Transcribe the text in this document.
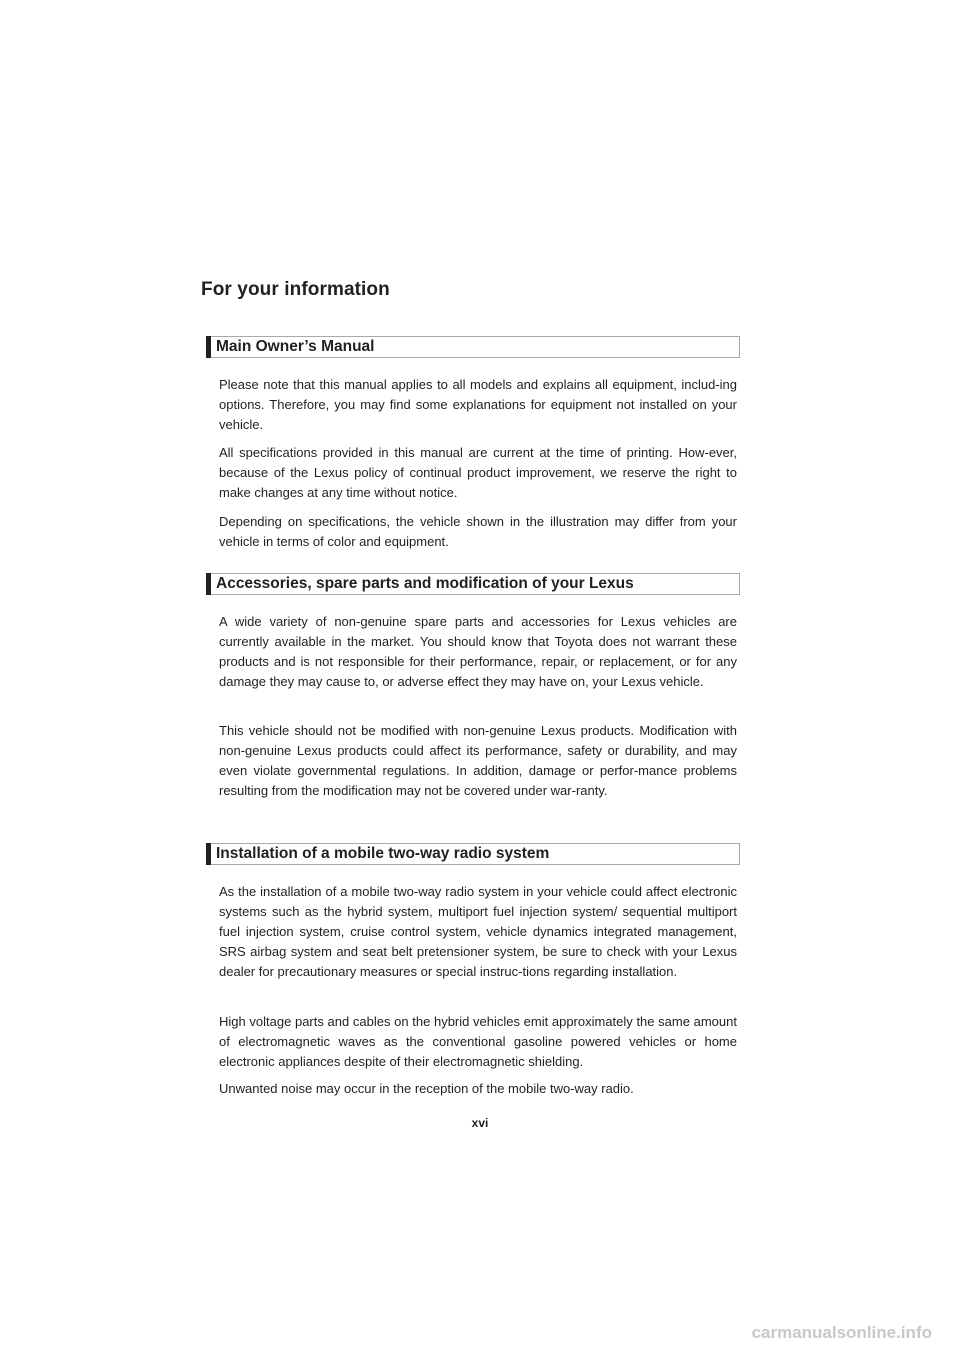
For your information
Main Owner’s Manual

Please note that this manual applies to all models and explains all equipment, includ-ing options. Therefore, you may find some explanations for equipment not installed on your vehicle.

All specifications provided in this manual are current at the time of printing. How-ever, because of the Lexus policy of continual product improvement, we reserve the right to make changes at any time without notice.

Depending on specifications, the vehicle shown in the illustration may differ from your vehicle in terms of color and equipment.

Accessories, spare parts and modification of your Lexus

A wide variety of non-genuine spare parts and accessories for Lexus vehicles are currently available in the market. You should know that Toyota does not warrant these products and is not responsible for their performance, repair, or replacement, or for any damage they may cause to, or adverse effect they may have on, your Lexus vehicle.

This vehicle should not be modified with non-genuine Lexus products. Modification with non-genuine Lexus products could affect its performance, safety or durability, and may even violate governmental regulations. In addition, damage or perfor-mance problems resulting from the modification may not be covered under war-ranty.

Installation of a mobile two-way radio system

As the installation of a mobile two-way radio system in your vehicle could affect electronic systems such as the hybrid system, multiport fuel injection system/ sequential multiport fuel injection system, cruise control system, vehicle dynamics integrated management, SRS airbag system and seat belt pretensioner system, be sure to check with your Lexus dealer for precautionary measures or special instruc-tions regarding installation.

High voltage parts and cables on the hybrid vehicles emit approximately the same amount of electromagnetic waves as the conventional gasoline powered vehicles or home electronic appliances despite of their electromagnetic shielding.

Unwanted noise may occur in the reception of the mobile two-way radio.

xvi
carmanualsonline.info
